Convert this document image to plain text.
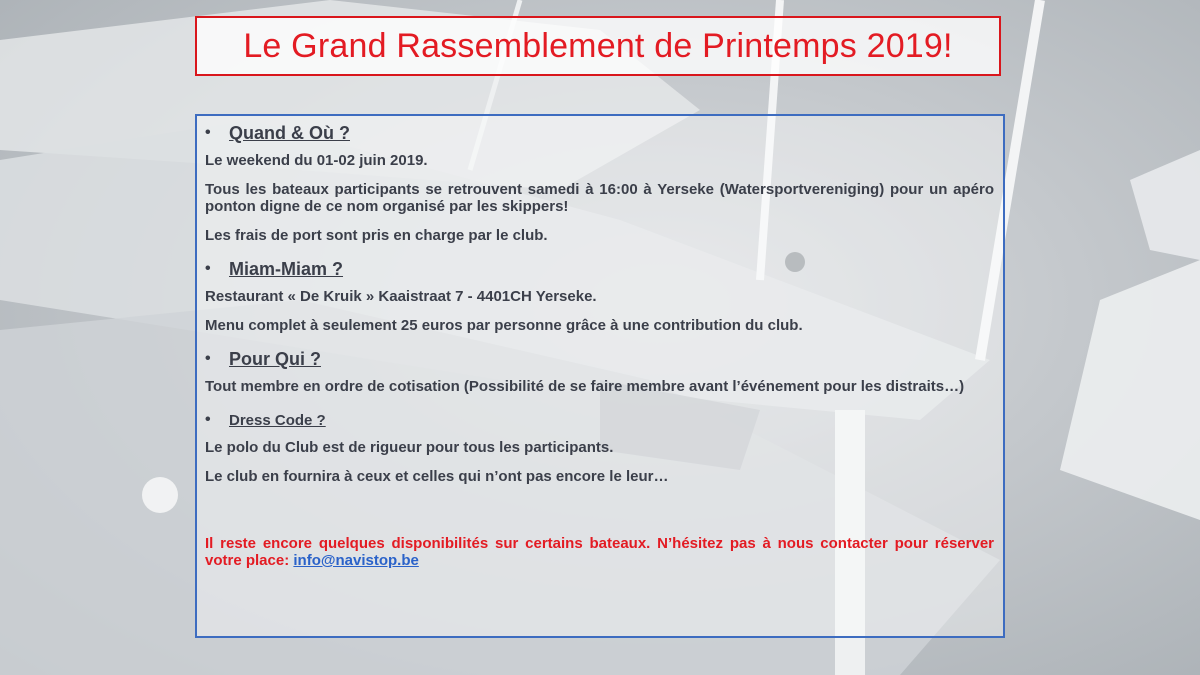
Le Grand Rassemblement de Printemps 2019!
•	Quand & Où ?

Le weekend du 01-02 juin 2019.

Tous les bateaux participants se retrouvent samedi à 16:00 à Yerseke (Watersportvereniging) pour un apéro ponton digne de ce nom organisé par les skippers!

Les frais de port sont pris en charge par le club.

•	Miam-Miam ?

Restaurant « De Kruik » Kaaistraat 7 - 4401CH Yerseke.

Menu complet à seulement 25 euros par personne grâce à une contribution du club.

•	Pour Qui ?

Tout membre en ordre de cotisation (Possibilité de se faire membre avant l’événement pour les distraits…)

•	Dress Code ?

Le polo du Club est de rigueur pour tous les participants.

Le club en fournira à ceux et celles qui n’ont pas encore le leur…

Il reste encore quelques disponibilités sur certains bateaux. N’hésitez pas à nous contacter pour réserver votre place: info@navistop.be
